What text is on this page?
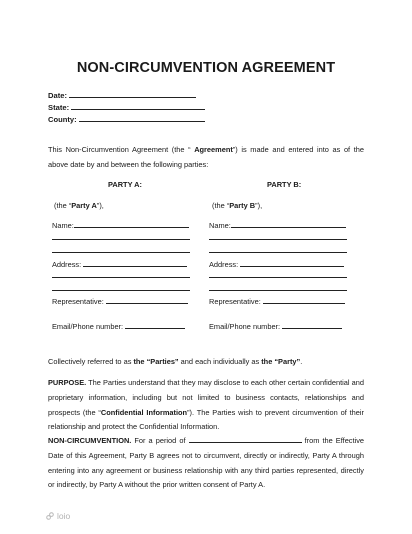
NON-CIRCUMVENTION AGREEMENT
Date:
State:
County:
This Non-Circumvention Agreement (the “ Agreement”) is made and entered into as of the above date by and between the following parties:
PARTY A:
(the “Party A”),
Name:
Address:
Representative:
Email/Phone number:
PARTY B:
(the “Party B”),
Name:
Address:
Representative:
Email/Phone number:
Collectively referred to as the “Parties” and each individually as the “Party”.
PURPOSE. The Parties understand that they may disclose to each other certain confidential and proprietary information, including but not limited to business contacts, relationships and prospects (the “Confidential Information”). The Parties wish to prevent circumvention of their relationship and protect the Confidential Information.
NON-CIRCUMVENTION. For a period of	from the Effective Date of this Agreement, Party B agrees not to circumvent, directly or indirectly, Party A through entering into any agreement or business relationship with any third parties represented, directly or indirectly, by Party A without the prior written consent of Party A.
loio
